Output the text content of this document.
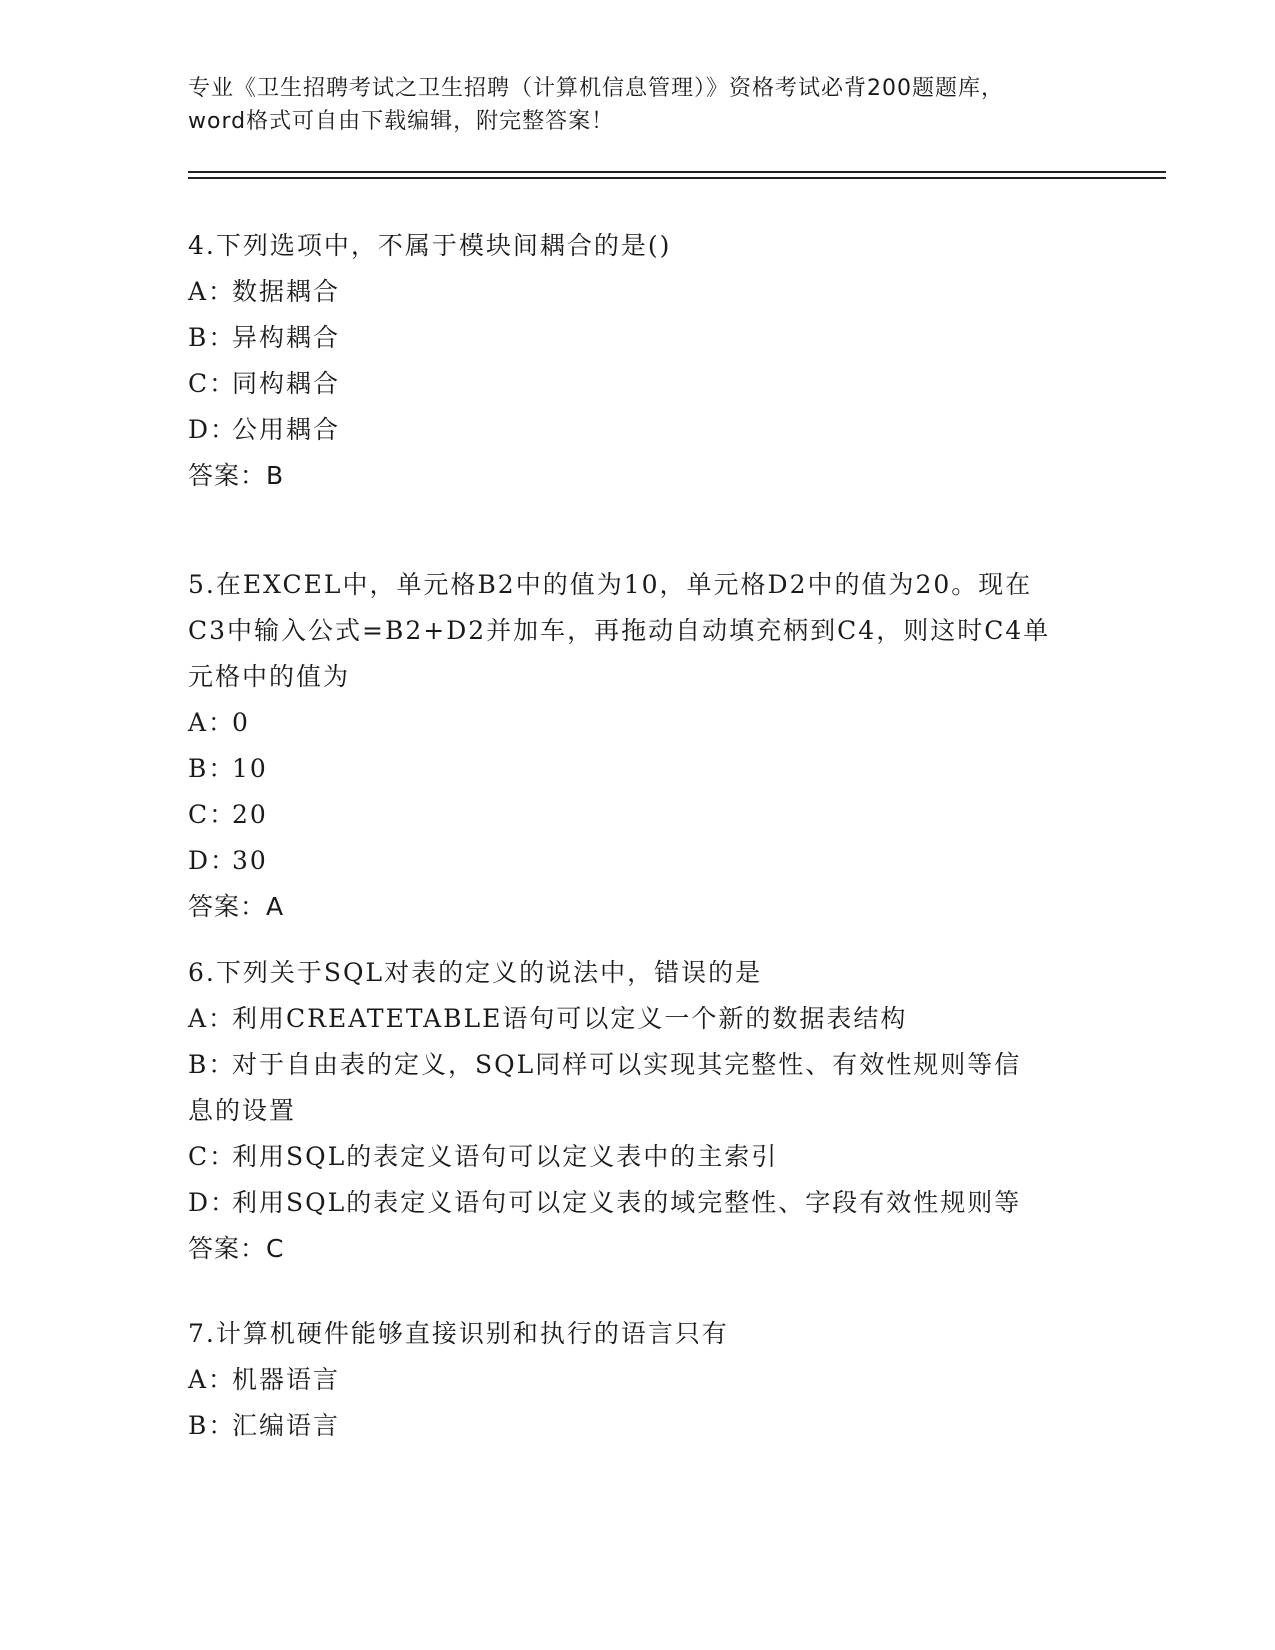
专业《卫生招聘考试之卫生招聘（计算机信息管理）》资格考试必背200题题库，
word格式可自由下载编辑，附完整答案！
4.下列选项中，不属于模块间耦合的是()
A：数据耦合
B：异构耦合
C：同构耦合
D：公用耦合
答案：B
5.在EXCEL中，单元格B2中的值为10，单元格D2中的值为20。现在
C3中输入公式=B2+D2并加车，再拖动自动填充柄到C4，则这时C4单
元格中的值为
A：0
B：10
C：20
D：30
答案：A
6.下列关于SQL对表的定义的说法中，错误的是
A：利用CREATETABLE语句可以定义一个新的数据表结构
B：对于自由表的定义，SQL同样可以实现其完整性、有效性规则等信
息的设置
C：利用SQL的表定义语句可以定义表中的主索引
D：利用SQL的表定义语句可以定义表的域完整性、字段有效性规则等
答案：C
7.计算机硬件能够直接识别和执行的语言只有
A：机器语言
B：汇编语言
